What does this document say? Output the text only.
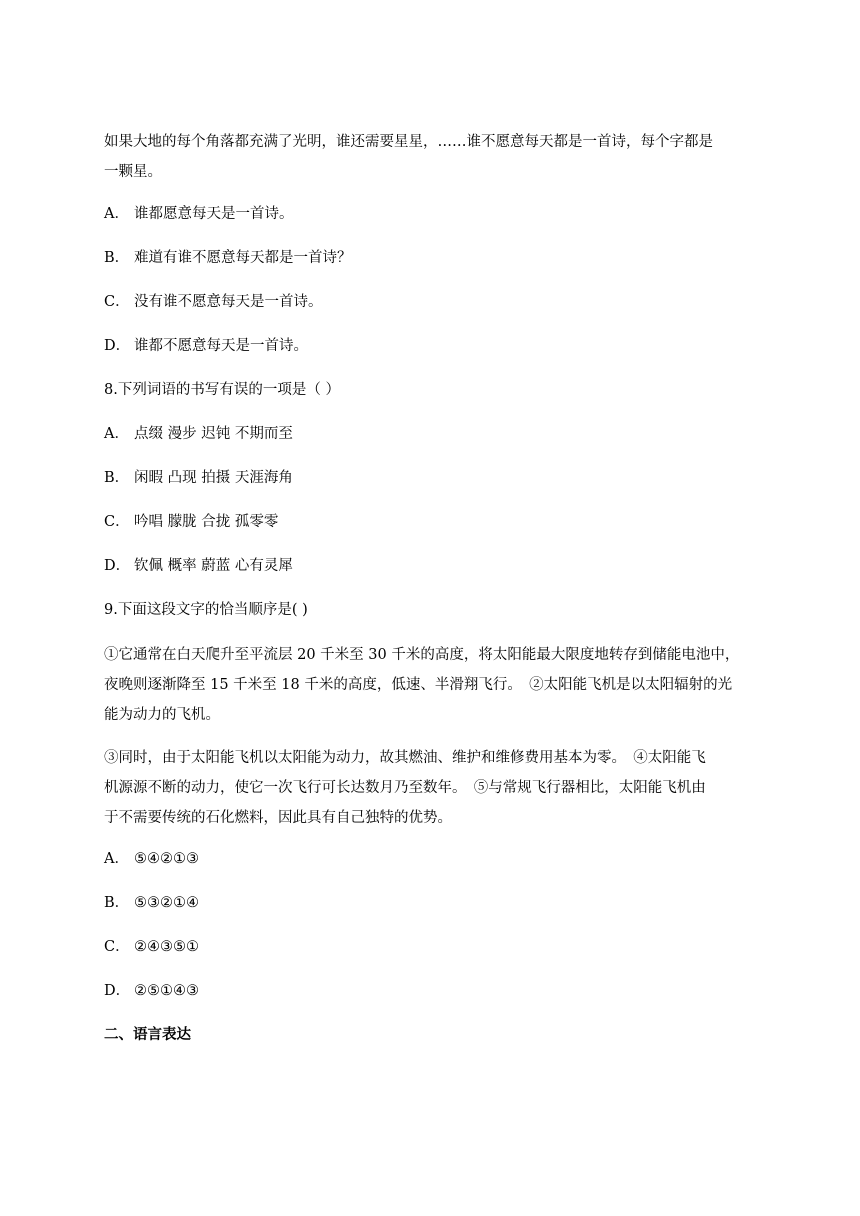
如果大地的每个角落都充满了光明，谁还需要星星，……谁不愿意每天都是一首诗，每个字都是
一颗星。
A． 谁都愿意每天是一首诗。
B． 难道有谁不愿意每天都是一首诗？
C． 没有谁不愿意每天是一首诗。
D． 谁都不愿意每天是一首诗。
8.下列词语的书写有误的一项是（ ）
A． 点缀 漫步 迟钝 不期而至
B． 闲暇 凸现 拍摄 天涯海角
C． 吟唱 朦胧 合拢 孤零零
D． 钦佩 概率 蔚蓝 心有灵犀
9.下面这段文字的恰当顺序是( )
①它通常在白天爬升至平流层 20 千米至 30 千米的高度，将太阳能最大限度地转存到储能电池中，
夜晚则逐渐降至 15 千米至 18 千米的高度，低速、半滑翔飞行。　②太阳能飞机是以太阳辐射的光
能为动力的飞机。
③同时，由于太阳能飞机以太阳能为动力，故其燃油、维护和维修费用基本为零。　④太阳能飞
机源源不断的动力，使它一次飞行可长达数月乃至数年。　⑤与常规飞行器相比，太阳能飞机由
于不需要传统的石化燃料，因此具有自己独特的优势。
A． ⑤④②①③
B． ⑤③②①④
C． ②④③⑤①
D． ②⑤①④③
二、语言表达
